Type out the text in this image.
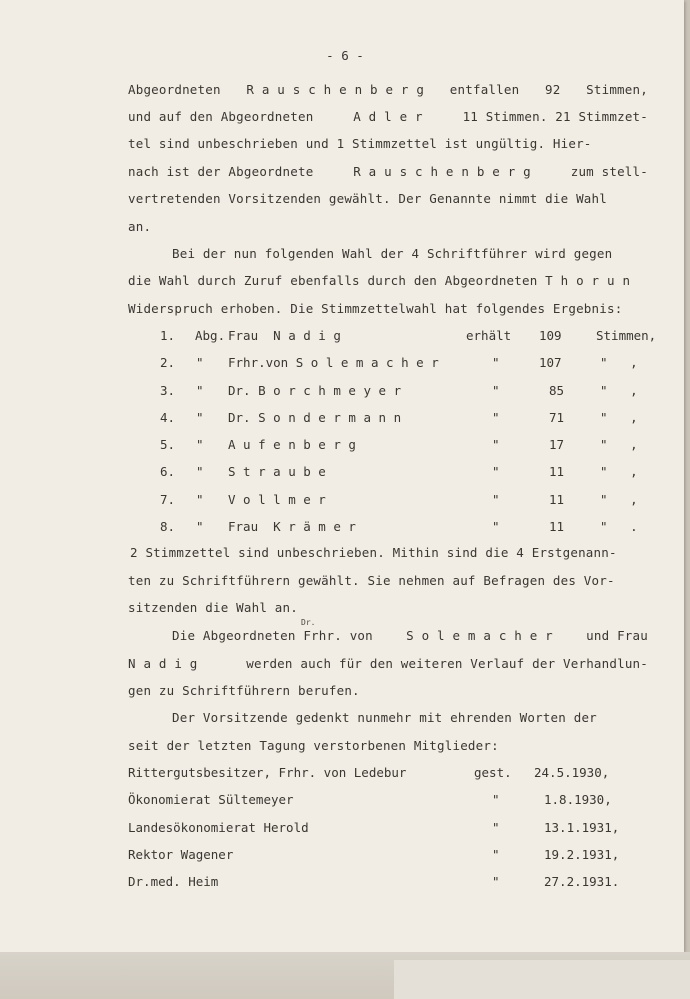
- 6 -
Abgeordneten R a u s c h e n b e r g entfallen 92 Stimmen,
und auf den Abgeordneten	A d l e r	11 Stimmen. 21 Stimmzet-
tel sind unbeschrieben und 1 Stimmzettel ist ungültig. Hier-
nach ist der Abgeordnete	R a u s c h e n b e r g	zum stell-
vertretenden Vorsitzenden gewählt. Der Genannte nimmt die Wahl
an.
Bei der nun folgenden Wahl der 4 Schriftführer wird gegen
die Wahl durch Zuruf ebenfalls durch den Abgeordneten T h o r u n
Widerspruch erhoben. Die Stimmzettelwahl hat folgendes Ergebnis:
1. Abg. Frau  N a d i g	erhält 109	Stimmen,
2. " Frhr.von S o l e m a c h e r	"	107	"   ,
3. " Dr. B o r c h m e y e r	"	85	"   ,
4. " Dr. S o n d e r m a n n	"	71	"   ,
5. " A u f e n b e r g	"	17	"   ,
6. " S t r a u b e	"	11	"   ,
7. " V o l l m e r	"	11	"   ,
8. " Frau  K r ä m e r	"	11	"   .
2 Stimmzettel sind unbeschrieben. Mithin sind die 4 Erstgenann-
ten zu Schriftführern gewählt. Sie nehmen auf Befragen des Vor-
sitzenden die Wahl an.
Dr.
Die Abgeordneten Frhr. von	S o l e m a c h e r	und Frau
N a d i g	werden auch für den weiteren Verlauf der Verhandlun-
gen zu Schriftführern berufen.
Der Vorsitzende gedenkt nunmehr mit ehrenden Worten der
seit der letzten Tagung verstorbenen Mitglieder:
Rittergutsbesitzer, Frhr. von Ledebur	gest. 24.5.1930,
Ökonomierat Sültemeyer	"	1.8.1930,
Landesökonomierat Herold	"	13.1.1931,
Rektor Wagener	"	19.2.1931,
Dr.med. Heim	"	27.2.1931.
